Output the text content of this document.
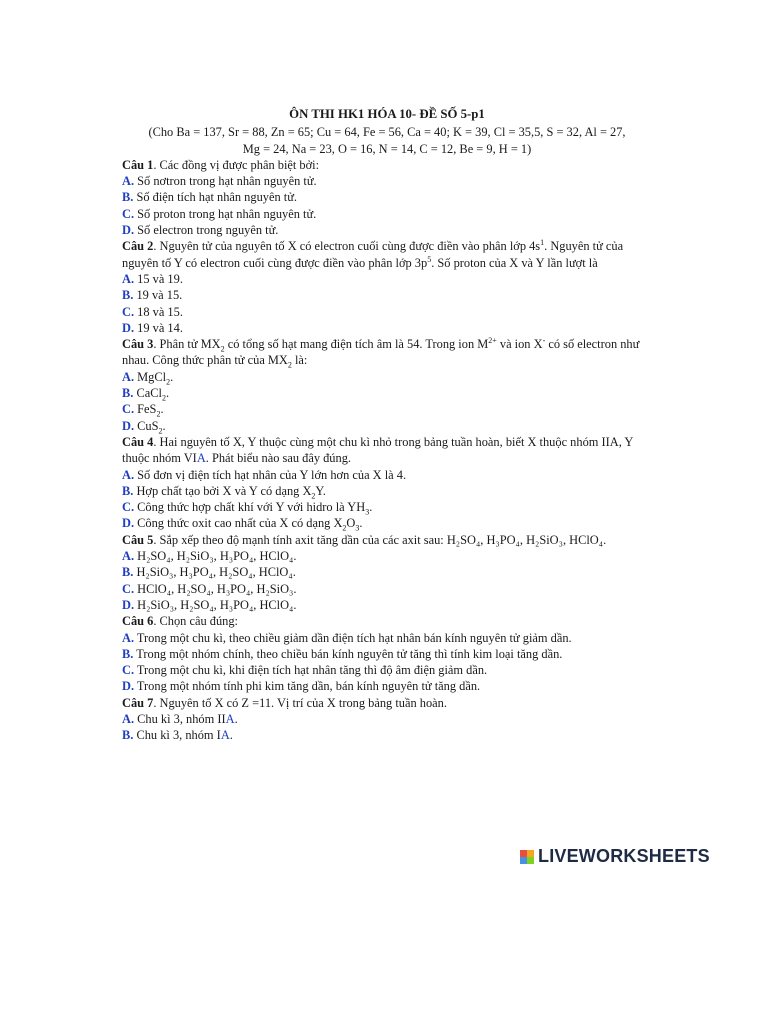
ÔN THI HK1 HÓA 10- ĐỀ SỐ 5-p1

(Cho Ba = 137, Sr = 88, Zn = 65; Cu = 64, Fe = 56, Ca = 40; K = 39, Cl = 35,5, S = 32, Al = 27,

Mg = 24, Na = 23, O = 16, N = 14, C = 12, Be = 9, H = 1)

Câu 1. Các đồng vị được phân biệt bởi:

A. Số nơtron trong hạt nhân nguyên tử.

B. Số điện tích hạt nhân nguyên tử.

C. Số proton trong hạt nhân nguyên tử.

D. Số electron trong nguyên tử.

Câu 2. Nguyên tử của nguyên tố X có electron cuối cùng được điền vào phân lớp $4s^1$. Nguyên tử của nguyên tố Y có electron cuối cùng được điền vào phân lớp $3p^5$. Số proton của X và Y lần lượt là

A. 15 và 19.

B. 19 và 15.

C. 18 và 15.

D. 19 và 14.

Câu 3. Phân tử $MX_2$ có tổng số hạt mang điện tích âm là 54. Trong ion $M^{2+}$ và ion X- có số electron như nhau. Công thức phân tử của $MX_2$ là:

A. MgCl$_2$.

B. CaCl$_2$.

C. FeS$_2$.

D. CuS$_2$.

Câu 4. Hai nguyên tố X, Y thuộc cùng một chu kì nhỏ trong bảng tuần hoàn, biết X thuộc nhóm IIA, Y thuộc nhóm VIA. Phát biểu nào sau đây đúng.

A. Số đơn vị điện tích hạt nhân của Y lớn hơn của X là 4.

B. Hợp chất tạo bởi X và Y có dạng $X_2Y$.

C. Công thức hợp chất khí với Y với hidro là $YH_3$.

D. Công thức oxit cao nhất của X có dạng $X_2O_3$.

Câu 5. Sắp xếp theo độ mạnh tính axit tăng dần của các axit sau: H₂SO₄, H₃PO₄, H₂SiO₃, HClO₄.

A. H₂SO₄, H₂SiO₃, H₃PO₄, HClO₄.

B. H₂SiO₃, H₃PO₄, H₂SO₄, HClO₄.

C. HClO₄, H₂SO₄, H₃PO₄, H₂SiO₃.

D. H₂SiO₃, H₂SO₄, H₃PO₄, HClO₄.

Câu 6. Chọn câu đúng:

A. Trong một chu kì, theo chiều giảm dần điện tích hạt nhân bán kính nguyên tử giảm dần.

B. Trong một nhóm chính, theo chiều bán kính nguyên tử tăng thì tính kim loại tăng dần.

C. Trong một chu kì, khi điện tích hạt nhân tăng thì độ âm điện giảm dần.

D. Trong một nhóm tính phi kim tăng dần, bán kính nguyên tử tăng dần.

Câu 7. Nguyên tố X có Z =11. Vị trí của X trong bảng tuần hoàn.

A. Chu kì 3, nhóm IIA.

B. Chu kì 3, nhóm IA.

LIVEWORKSHEETS
